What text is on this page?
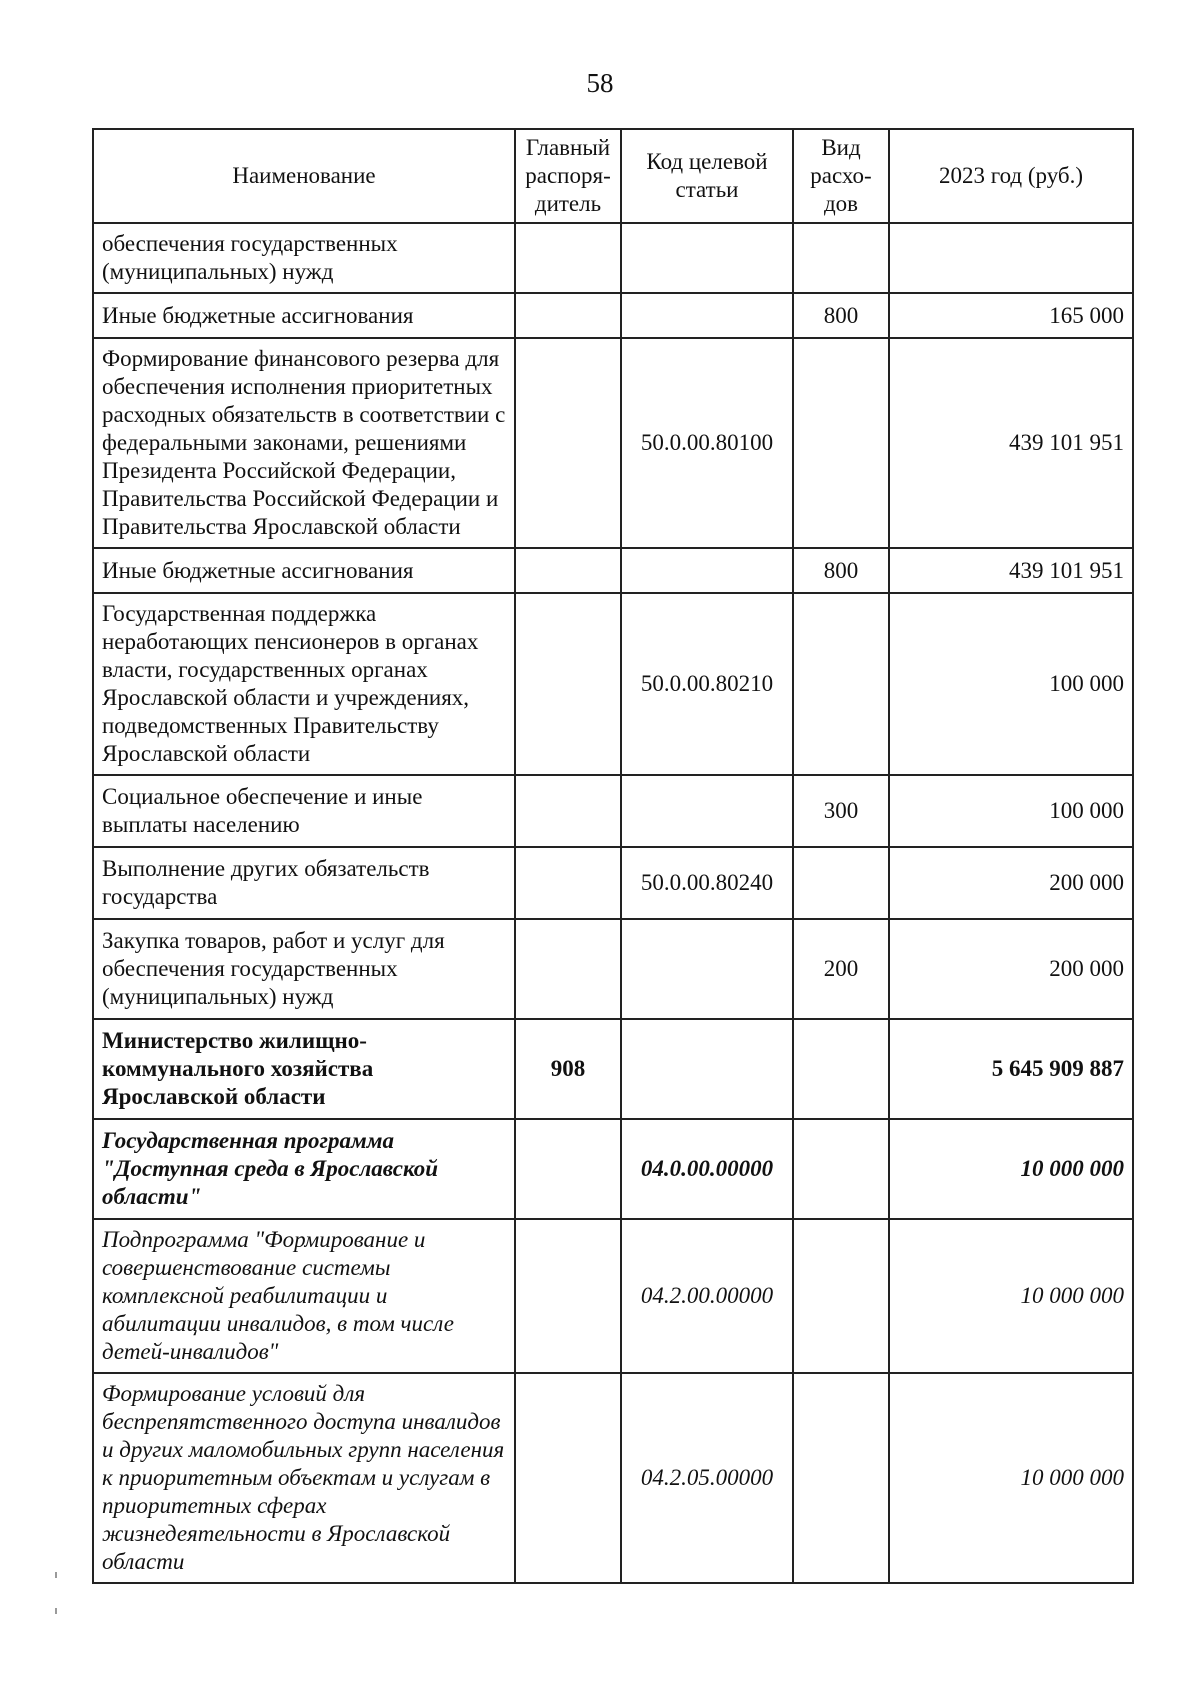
58
Наименование	Главный распоря-дитель	Код целевой статьи	Вид расхо-дов	2023 год (руб.)
обеспечения государственных (муниципальных) нужд				
Иные бюджетные ассигнования			800	165 000
Формирование финансового резерва для обеспечения исполнения приоритетных расходных обязательств в соответствии с федеральными законами, решениями Президента Российской Федерации, Правительства Российской Федерации и Правительства Ярославской области		50.0.00.80100		439 101 951
Иные бюджетные ассигнования			800	439 101 951
Государственная поддержка неработающих пенсионеров в органах власти, государственных органах Ярославской области и учреждениях, подведомственных Правительству Ярославской области		50.0.00.80210		100 000
Социальное обеспечение и иные выплаты населению			300	100 000
Выполнение других обязательств государства		50.0.00.80240		200 000
Закупка товаров, работ и услуг для обеспечения государственных (муниципальных) нужд			200	200 000
Министерство жилищно-коммунального хозяйства Ярославской области	908			5 645 909 887
Государственная программа "Доступная среда в Ярославской области"		04.0.00.00000		10 000 000
Подпрограмма "Формирование и совершенствование системы комплексной реабилитации и абилитации инвалидов, в том числе детей-инвалидов"		04.2.00.00000		10 000 000
Формирование условий для беспрепятственного доступа инвалидов и других маломобильных групп населения к приоритетным объектам и услугам в приоритетных сферах жизнедеятельности в Ярославской области		04.2.05.00000		10 000 000
